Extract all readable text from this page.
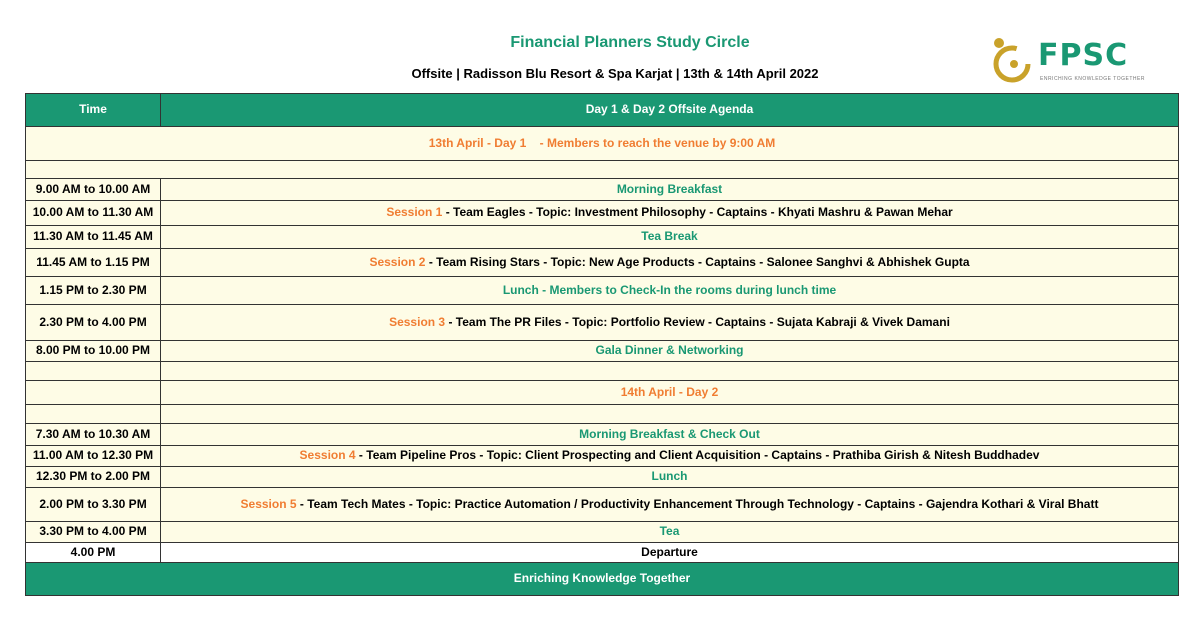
Financial Planners Study Circle
Offsite | Radisson Blu Resort & Spa Karjat | 13th & 14th April 2022
FPSC
ENRICHING KNOWLEDGE TOGETHER
Time	Day 1 & Day 2 Offsite Agenda
13th April - Day 1 - Members to reach the venue by 9:00 AM	

9.00 AM to 10.00 AM	Morning Breakfast
10.00 AM to 11.30 AM	Session 1 - Team Eagles - Topic: Investment Philosophy - Captains - Khyati Mashru & Pawan Mehar
11.30 AM to 11.45 AM	Tea Break
11.45 AM to 1.15 PM	Session 2 - Team Rising Stars - Topic: New Age Products - Captains - Salonee Sanghvi & Abhishek Gupta
1.15 PM to 2.30 PM	Lunch - Members to Check-In the rooms during lunch time
2.30 PM to 4.00 PM	Session 3 - Team The PR Files - Topic: Portfolio Review - Captains - Sujata Kabraji & Vivek Damani
8.00 PM to 10.00 PM	Gala Dinner & Networking

	14th April - Day 2

7.30 AM to 10.30 AM	Morning Breakfast & Check Out
11.00 AM to 12.30 PM	Session 4 - Team Pipeline Pros - Topic: Client Prospecting and Client Acquisition - Captains - Prathiba Girish & Nitesh Buddhadev
12.30 PM to 2.00 PM	Lunch
2.00 PM to 3.30 PM	Session 5 - Team Tech Mates - Topic: Practice Automation / Productivity Enhancement Through Technology - Captains - Gajendra Kothari & Viral Bhatt
3.30 PM to 4.00 PM	Tea
4.00 PM	Departure
Enriching Knowledge Together	
